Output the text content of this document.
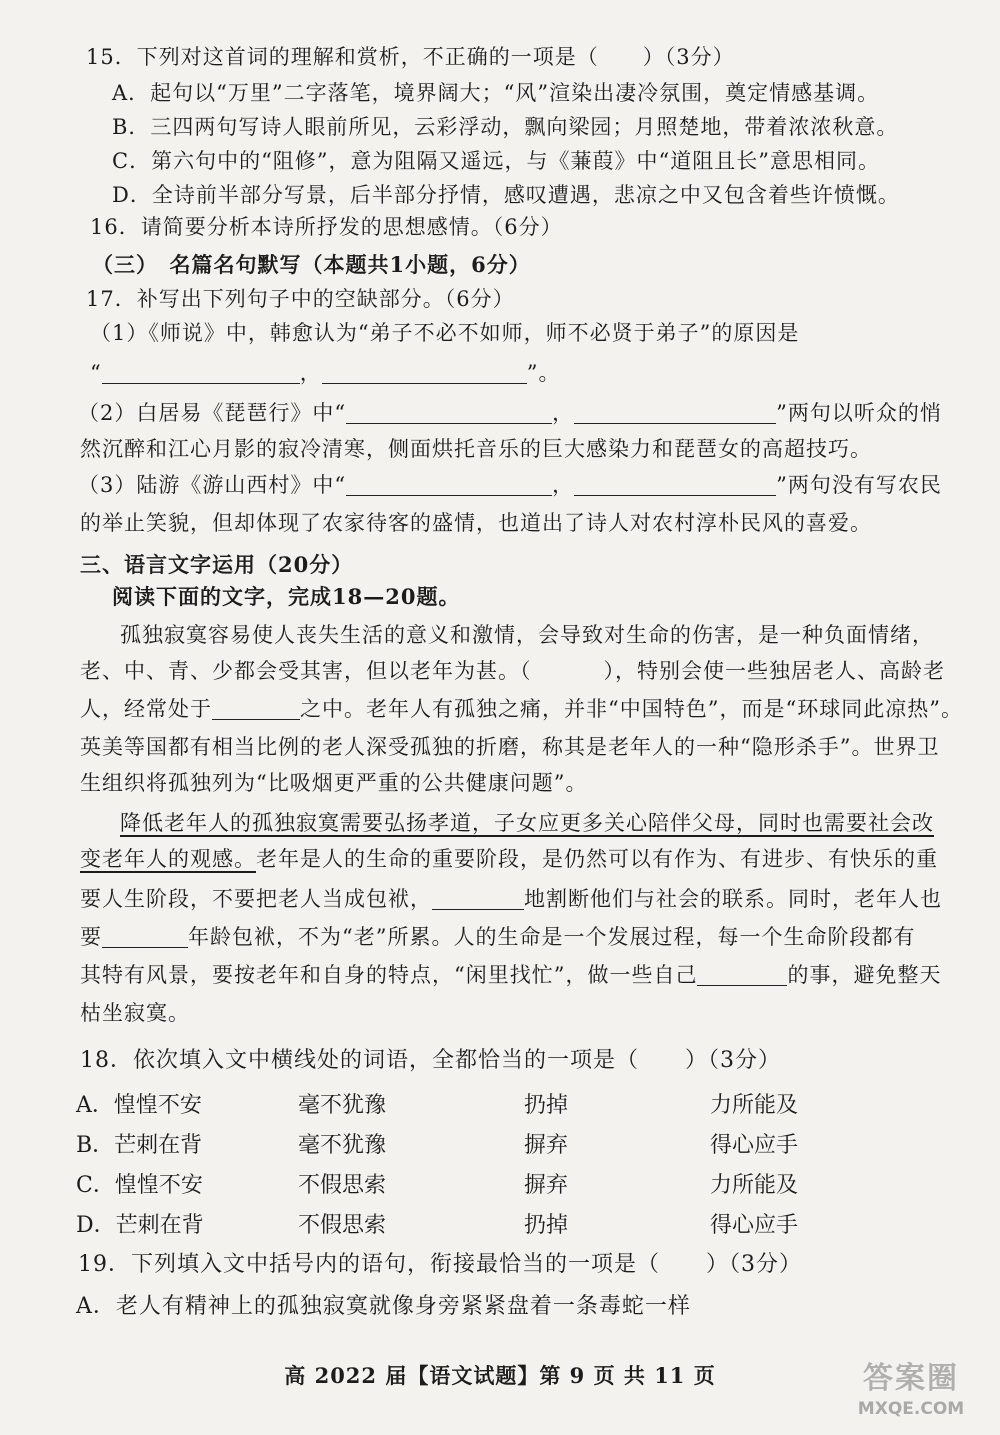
15．下列对这首词的理解和赏析，不正确的一项是（　　）（3分）
A．起句以“万里”二字落笔，境界阔大；“风”渲染出凄冷氛围，奠定情感基调。
B．三四两句写诗人眼前所见，云彩浮动，飘向梁园；月照楚地，带着浓浓秋意。
C．第六句中的“阻修”，意为阻隔又遥远，与《蒹葭》中“道阻且长”意思相同。
D．全诗前半部分写景，后半部分抒情，感叹遭遇，悲凉之中又包含着些许愤慨。
16．请简要分析本诗所抒发的思想感情。（6分）
（三）　名篇名句默写（本题共1小题，6分）
17．补写出下列句子中的空缺部分。（6分）
（1）《师说》中，韩愈认为“弟子不必不如师，师不必贤于弟子”的原因是
“	，	”。
（2）白居易《琵琶行》中“	，	”两句以听众的悄
然沉醉和江心月影的寂冷清寒，侧面烘托音乐的巨大感染力和琵琶女的高超技巧。
（3）陆游《游山西村》中“	，	”两句没有写农民
的举止笑貌，但却体现了农家待客的盛情，也道出了诗人对农村淳朴民风的喜爱。
三、语言文字运用（20分）
阅读下面的文字，完成18—20题。
孤独寂寞容易使人丧失生活的意义和激情，会导致对生命的伤害，是一种负面情绪，
老、中、青、少都会受其害，但以老年为甚。（	），特别会使一些独居老人、高龄老
人，经常处于	之中。老年人有孤独之痛，并非“中国特色”，而是“环球同此凉热”。
英美等国都有相当比例的老人深受孤独的折磨，称其是老年人的一种“隐形杀手”。世界卫
生组织将孤独列为“比吸烟更严重的公共健康问题”。
降低老年人的孤独寂寞需要弘扬孝道，子女应更多关心陪伴父母，同时也需要社会改
变老年人的观感。老年是人的生命的重要阶段，是仍然可以有作为、有进步、有快乐的重
要人生阶段，不要把老人当成包袱，	地割断他们与社会的联系。同时，老年人也
要	年龄包袱，不为“老”所累。人的生命是一个发展过程，每一个生命阶段都有
其特有风景，要按老年和自身的特点，“闲里找忙”，做一些自己	的事，避免整天
枯坐寂寞。
18．依次填入文中横线处的词语，全都恰当的一项是（　　）（3分）
A．惶惶不安	毫不犹豫	扔掉	力所能及
B．芒刺在背	毫不犹豫	摒弃	得心应手
C．惶惶不安	不假思索	摒弃	力所能及
D．芒刺在背	不假思索	扔掉	得心应手
19．下列填入文中括号内的语句，衔接最恰当的一项是（　　）（3分）
A．老人有精神上的孤独寂寞就像身旁紧紧盘着一条毒蛇一样
高 2022 届【语文试题】第 9 页 共 11 页	答案圈
MXQE.COM
